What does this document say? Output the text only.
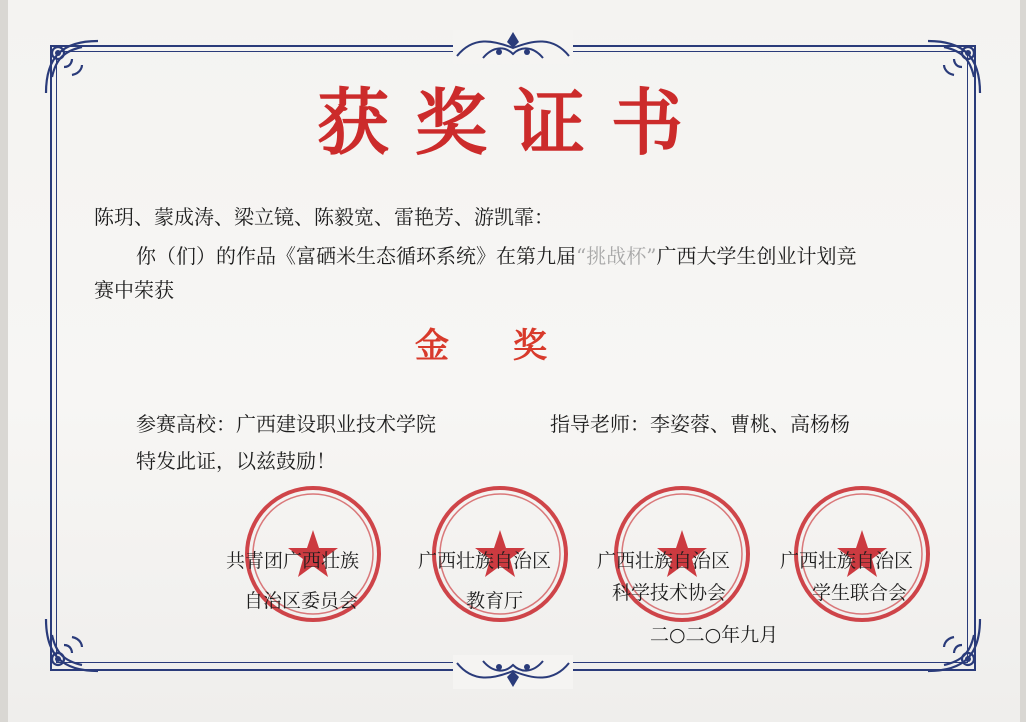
获奖证书
陈玥、蒙成涛、梁立镜、陈毅宽、雷艳芳、游凯霏：
你（们）的作品《富硒米生态循环系统》在第九届“挑战杯”广西大学生创业计划竞
赛中荣获
金奖
参赛高校：广西建设职业技术学院	指导老师：李姿蓉、曹桃、高杨杨
特发此证，以兹鼓励！
共青团广西壮族
自治区委员会
广西壮族自治区
教育厅
广西壮族自治区
科学技术协会
广西壮族自治区
学生联合会
二○二○年九月
